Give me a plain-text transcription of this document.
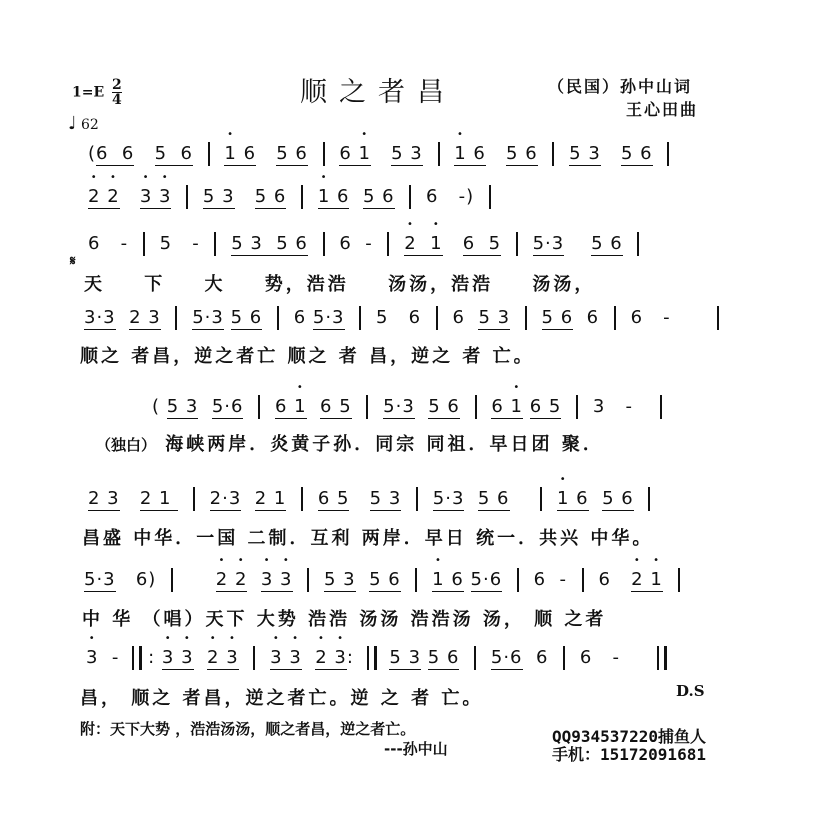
顺之者昌	（民国）孙中山词
王心田曲
$1=E \frac{2}{4}$
♩ 62
(6  6 5  6 • 1 6 5 6 6 • 1 5 3 • 1 6 5 6 5 3 5 6
• 2 • 2 • 3 • 3 5 3 5 6 • 1 6 5 6 6   -)
𝄋
6   - 5   - 5 3  5 6 6  - • 2 • 1 6  5 5·3 5 6
天 下 大 势，浩浩 汤汤，浩浩 汤汤，
3·3 2 3 5·3 5 6 6 5·3 5   6 6 5 3 5 6 6 6   -
顺之 者昌，逆之者亡 顺之 者 昌，逆之 者 亡。
( 5 3 5·6 6 • 1 6 5 5·3 5 6 6 • 1 6 5 3   -
（独白） 海峡两岸．炎黄子孙．同宗 同祖．早日团 聚．
2 3 2 1   2·3 2 1 6 5 5 3 5·3 5 6	• 1 6 5 6
昌盛 中华．一国 二制．互利 两岸．早日 统一．共兴 中华。
5·3 6)	• 2 • 2 • 3 • 3 5 3 5 6 • 1 6 5·6 6  - 6 • 2 • 1
中 华 （唱）天下 大势 浩浩 汤汤 浩浩汤 汤， 顺 之者
• 3  - : • 3 • 3 • 2 • 3 • 3 • 3 • 2 • 3:  5 3 5 6 5·6 6 6   -
昌， 顺之 者昌，逆之者亡。逆 之 者 亡。	D.S
附：天下大势 ，浩浩汤汤，顺之者昌，逆之者亡。
---孙中山
QQ934537220捕鱼人
手机：15172091681
